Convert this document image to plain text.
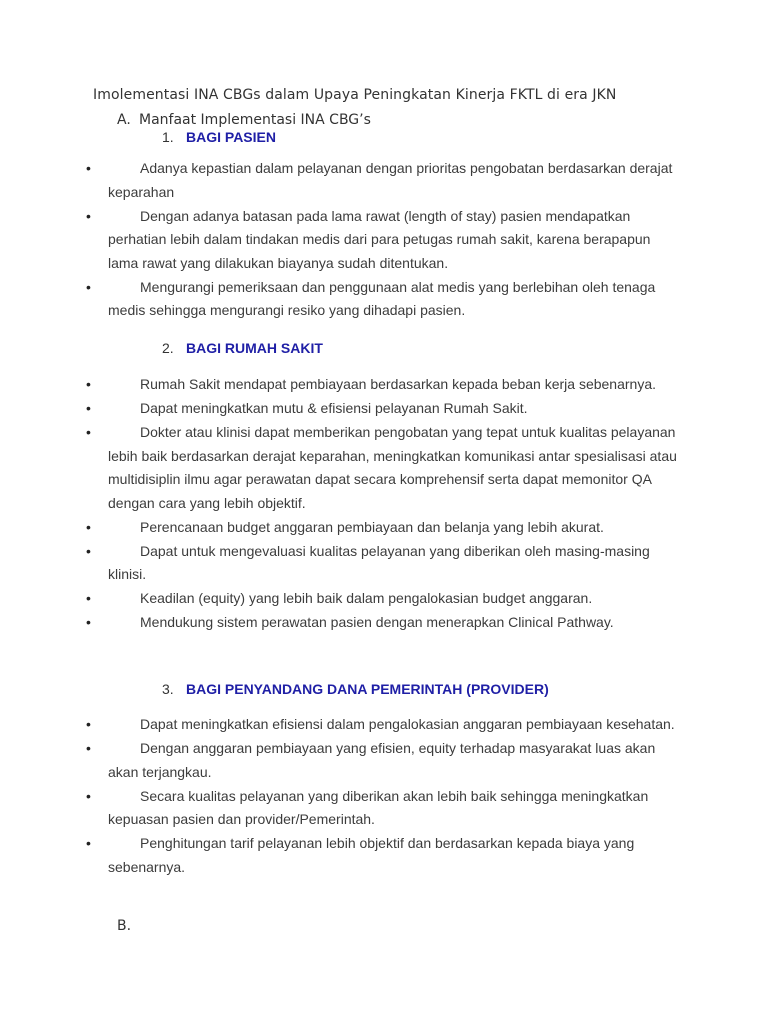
Imolementasi INA CBGs dalam Upaya Peningkatan Kinerja FKTL di era JKN
A. Manfaat Implementasi INA CBG’s
1. BAGI PASIEN
•	Adanya kepastian dalam pelayanan dengan prioritas pengobatan berdasarkan derajat keparahan
•	Dengan adanya batasan pada lama rawat (length of stay) pasien mendapatkan perhatian lebih dalam tindakan medis dari para petugas rumah sakit, karena berapapun lama rawat yang dilakukan biayanya sudah ditentukan.
•	Mengurangi pemeriksaan dan penggunaan alat medis yang berlebihan oleh tenaga medis sehingga mengurangi resiko yang dihadapi pasien.
2. BAGI RUMAH SAKIT
•	Rumah Sakit mendapat pembiayaan berdasarkan kepada beban kerja sebenarnya.
•	Dapat meningkatkan mutu & efisiensi pelayanan Rumah Sakit.
•	Dokter atau klinisi dapat memberikan pengobatan yang tepat untuk kualitas pelayanan lebih baik berdasarkan derajat keparahan, meningkatkan komunikasi antar spesialisasi atau multidisiplin ilmu agar perawatan dapat secara komprehensif serta dapat memonitor QA dengan cara yang lebih objektif.
•	Perencanaan budget anggaran pembiayaan dan belanja yang lebih akurat.
•	Dapat untuk mengevaluasi kualitas pelayanan yang diberikan oleh masing-masing klinisi.
•	Keadilan (equity) yang lebih baik dalam pengalokasian budget anggaran.
•	Mendukung sistem perawatan pasien dengan menerapkan Clinical Pathway.
3. BAGI PENYANDANG DANA PEMERINTAH (PROVIDER)
•	Dapat meningkatkan efisiensi dalam pengalokasian anggaran pembiayaan kesehatan.
•	Dengan anggaran pembiayaan yang efisien, equity terhadap masyarakat luas akan akan terjangkau.
•	Secara kualitas pelayanan yang diberikan akan lebih baik sehingga meningkatkan kepuasan pasien dan provider/Pemerintah.
•	Penghitungan tarif pelayanan lebih objektif dan berdasarkan kepada biaya yang sebenarnya.
B.
